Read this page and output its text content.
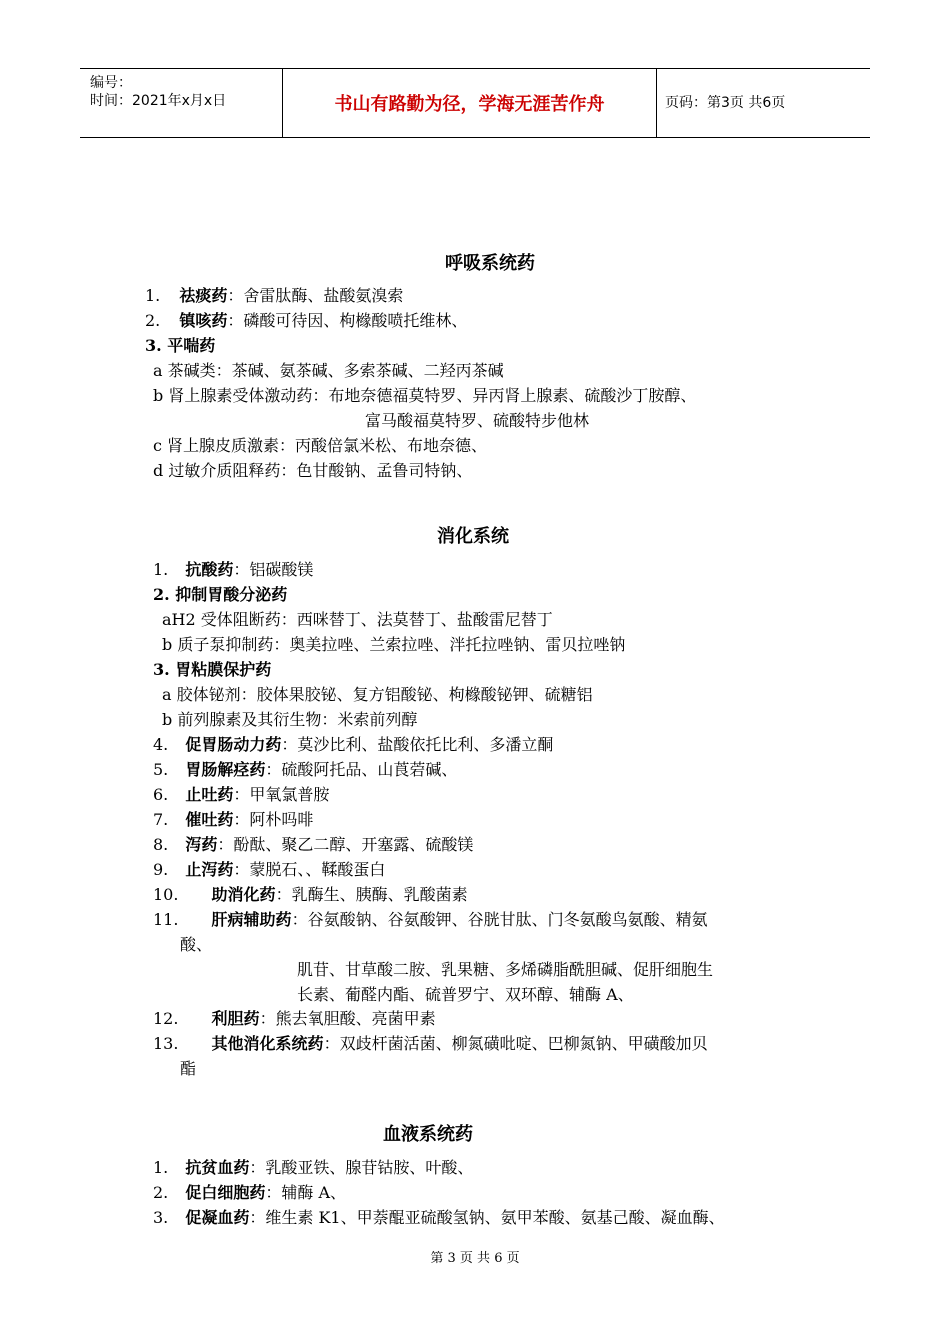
编号：
时间：2021年x月x日	书山有路勤为径，学海无涯苦作舟	页码：第3页 共6页
呼吸系统药
1. 祛痰药：舍雷肽酶、盐酸氨溴索
2. 镇咳药：磷酸可待因、枸橼酸喷托维林、
3. 平喘药
a 茶碱类：茶碱、氨茶碱、多索茶碱、二羟丙茶碱
b 肾上腺素受体激动药：布地奈德福莫特罗、异丙肾上腺素、硫酸沙丁胺醇、
富马酸福莫特罗、硫酸特步他林
c 肾上腺皮质激素：丙酸倍氯米松、布地奈德、
d 过敏介质阻释药：色甘酸钠、孟鲁司特钠、
消化系统
1. 抗酸药：铝碳酸镁
2. 抑制胃酸分泌药
aH2 受体阻断药：西咪替丁、法莫替丁、盐酸雷尼替丁
b 质子泵抑制药：奥美拉唑、兰索拉唑、泮托拉唑钠、雷贝拉唑钠
3. 胃粘膜保护药
a 胶体铋剂：胶体果胶铋、复方铝酸铋、枸橼酸铋钾、硫糖铝
b 前列腺素及其衍生物：米索前列醇
4. 促胃肠动力药：莫沙比利、盐酸依托比利、多潘立酮
5. 胃肠解痉药：硫酸阿托品、山莨菪碱、
6. 止吐药：甲氧氯普胺
7. 催吐药：阿朴吗啡
8. 泻药：酚酞、聚乙二醇、开塞露、硫酸镁
9. 止泻药：蒙脱石、、鞣酸蛋白
10. 助消化药：乳酶生、胰酶、乳酸菌素
11. 肝病辅助药：谷氨酸钠、谷氨酸钾、谷胱甘肽、门冬氨酸鸟氨酸、精氨
酸、
肌苷、甘草酸二胺、乳果糖、多烯磷脂酰胆碱、促肝细胞生
长素、葡醛内酯、硫普罗宁、双环醇、辅酶 A、
12. 利胆药：熊去氧胆酸、亮菌甲素
13. 其他消化系统药：双歧杆菌活菌、柳氮磺吡啶、巴柳氮钠、甲磺酸加贝
酯
血液系统药
1. 抗贫血药：乳酸亚铁、腺苷钴胺、叶酸、
2. 促白细胞药：辅酶 A、
3. 促凝血药：维生素 K1、甲萘醌亚硫酸氢钠、氨甲苯酸、氨基己酸、凝血酶、
第 3 页 共 6 页
